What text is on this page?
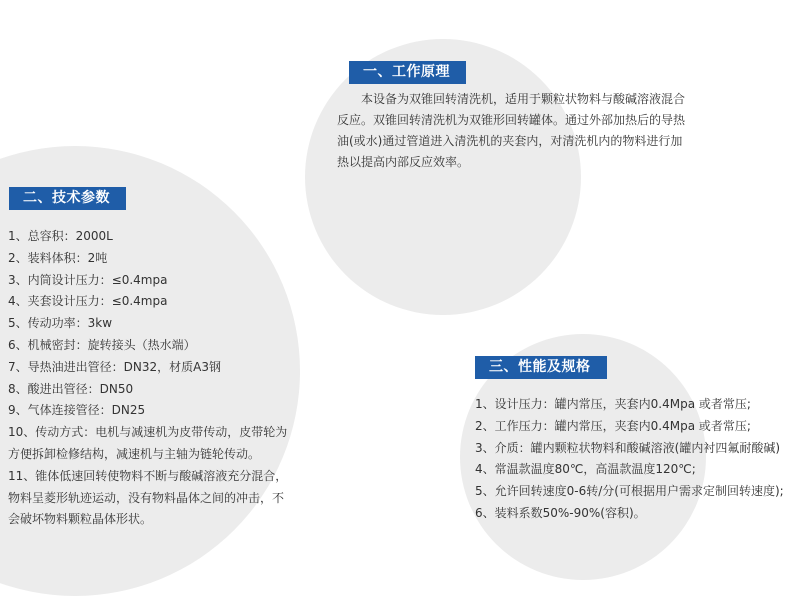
一、工作原理

本设备为双锥回转清洗机，适用于颗粒状物料与酸碱溶液混合反应。双锥回转清洗机为双锥形回转罐体。通过外部加热后的导热油(或水)通过管道进入清洗机的夹套内，对清洗机内的物料进行加热以提高内部反应效率。

二、技术参数
1、总容积：2000L
2、装料体积：2吨
3、内筒设计压力：≤0.4mpa
4、夹套设计压力：≤0.4mpa
5、传动功率：3kw
6、机械密封：旋转接头（热水端）
7、导热油进出管径：DN32，材质A3钢
8、酸进出管径：DN50
9、气体连接管径：DN25
10、传动方式：电机与减速机为皮带传动，皮带轮为方便拆卸检修结构，减速机与主轴为链轮传动。
11、锥体低速回转使物料不断与酸碱溶液充分混合，物料呈菱形轨迹运动，没有物料晶体之间的冲击，不会破坏物料颗粒晶体形状。
三、性能及规格
1、设计压力：罐内常压，夹套内0.4Mpa 或者常压;
2、工作压力：罐内常压，夹套内0.4Mpa 或者常压;
3、介质：罐内颗粒状物料和酸碱溶液(罐内衬四氟耐酸碱)
4、常温款温度80℃，高温款温度120℃;
5、允许回转速度0-6转/分(可根据用户需求定制回转速度);
6、装料系数50%-90%(容积)。
